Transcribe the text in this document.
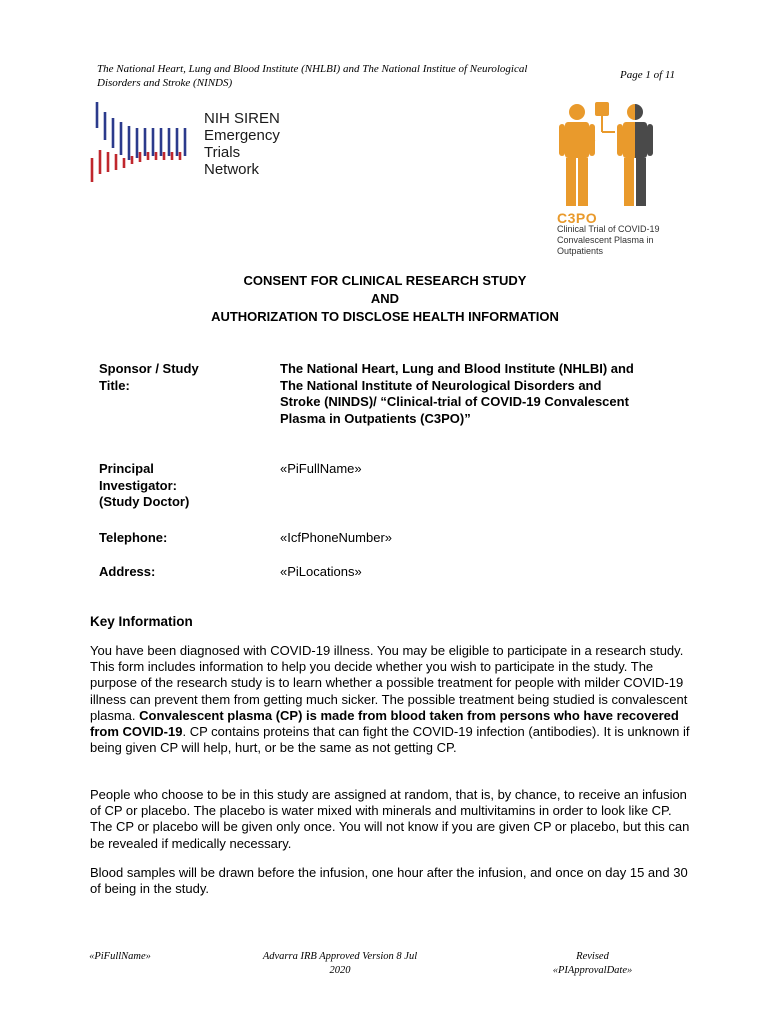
The National Heart, Lung and Blood Institute (NHLBI) and The National Institue of Neurological Disorders and Stroke (NINDS)
Page 1 of 11
NIH SIREN
Emergency
Trials
Network
C3PO
Clinical Trial of COVID-19 Convalescent Plasma in Outpatients
CONSENT FOR CLINICAL RESEARCH STUDY
AND
AUTHORIZATION TO DISCLOSE HEALTH INFORMATION
Sponsor / Study
Title:
The National Heart, Lung and Blood Institute (NHLBI) and The National Institute of Neurological Disorders and Stroke (NINDS)/ “Clinical-trial of COVID-19 Convalescent Plasma in Outpatients (C3PO)”
Principal
Investigator:
(Study Doctor)
«PiFullName»
Telephone:	«IcfPhoneNumber»
Address:	«PiLocations»
Key Information
You have been diagnosed with COVID-19 illness. You may be eligible to participate in a research study. This form includes information to help you decide whether you wish to participate in the study. The purpose of the research study is to learn whether a possible treatment for people with milder COVID-19 illness can prevent them from getting much sicker. The possible treatment being studied is convalescent plasma. Convalescent plasma (CP) is made from blood taken from persons who have recovered from COVID-19. CP contains proteins that can fight the COVID-19 infection (antibodies). It is unknown if being given CP will help, hurt, or be the same as not getting CP.
People who choose to be in this study are assigned at random, that is, by chance, to receive an infusion of CP or placebo. The placebo is water mixed with minerals and multivitamins in order to look like CP. The CP or placebo will be given only once. You will not know if you are given CP or placebo, but this can be revealed if medically necessary.
Blood samples will be drawn before the infusion, one hour after the infusion, and once on day 15 and 30 of being in the study.
«PiFullName»	Advarra IRB Approved Version 8 Jul
2020
Revised
«PIApprovalDate»
